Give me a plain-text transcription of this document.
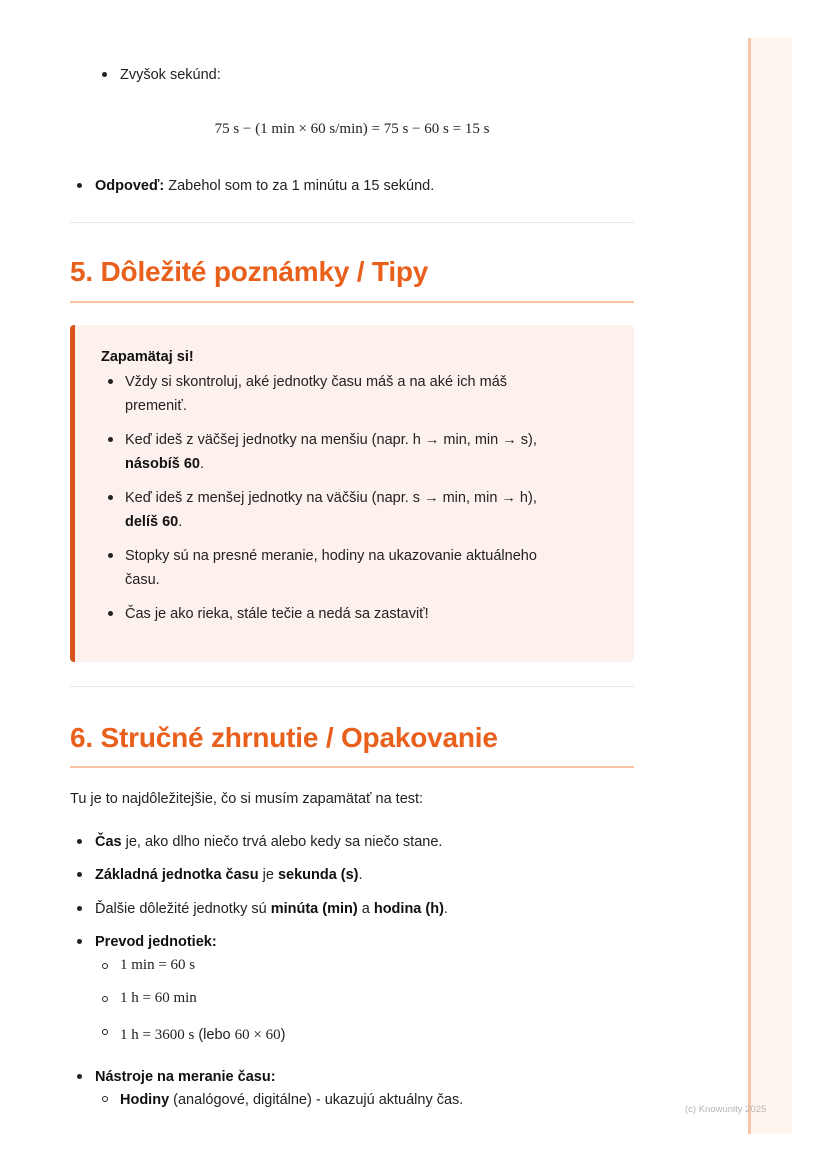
Zvyšok sekúnd:
75 s − (1 min × 60 s/min) = 75 s − 60 s = 15 s
Odpoveď: Zabehol som to za 1 minútu a 15 sekúnd.
5. Dôležité poznámky / Tipy
Zapamätaj si!
Vždy si skontroluj, aké jednotky času máš a na aké ich máš
premeniť.
Keď ideš z väčšej jednotky na menšiu (napr. h → min, min → s),
násobíš 60.
Keď ideš z menšej jednotky na väčšiu (napr. s → min, min → h),
delíš 60.
Stopky sú na presné meranie, hodiny na ukazovanie aktuálneho
času.
Čas je ako rieka, stále tečie a nedá sa zastaviť!
6. Stručné zhrnutie / Opakovanie
Tu je to najdôležitejšie, čo si musím zapamätať na test:
Čas je, ako dlho niečo trvá alebo kedy sa niečo stane.
Základná jednotka času je sekunda (s).
Ďalšie dôležité jednotky sú minúta (min) a hodina (h).
Prevod jednotiek:
1 min = 60 s
1 h = 60 min
1 h = 3600 s (lebo 60 × 60)
Nástroje na meranie času:
Hodiny (analógové, digitálne) - ukazujú aktuálny čas.
(c) Knowunity 2025
